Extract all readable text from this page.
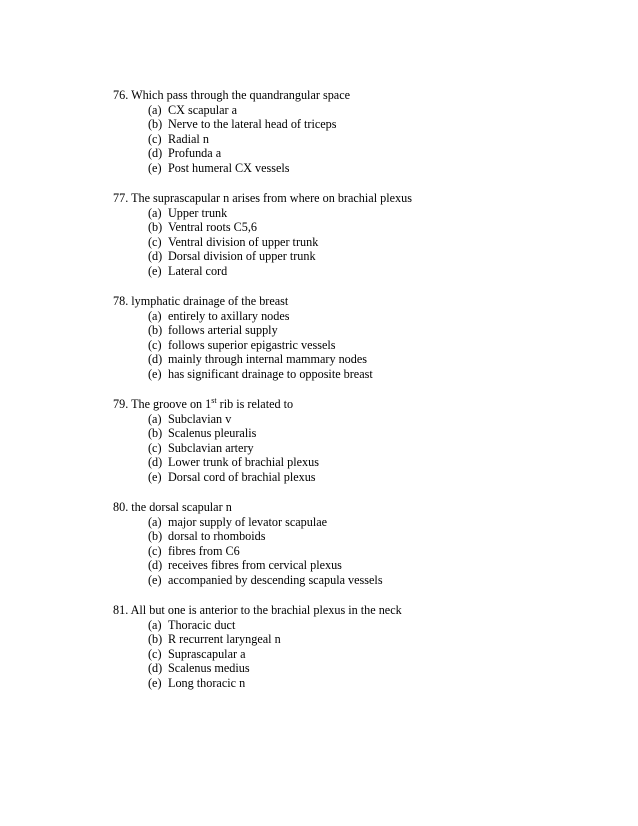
76. Which pass through the quandrangular space
(a) CX scapular a
(b) Nerve to the lateral head of triceps
(c) Radial n
(d) Profunda a
(e) Post humeral CX vessels
77. The suprascapular n arises from where on brachial plexus
(a) Upper trunk
(b) Ventral roots C5,6
(c) Ventral division of upper trunk
(d) Dorsal division of upper trunk
(e) Lateral cord
78. lymphatic drainage of the breast
(a) entirely to axillary nodes
(b) follows arterial supply
(c) follows superior epigastric vessels
(d) mainly through internal mammary nodes
(e) has significant drainage to opposite breast
79. The groove on 1st rib is related to
(a) Subclavian v
(b) Scalenus pleuralis
(c) Subclavian artery
(d) Lower trunk of brachial plexus
(e) Dorsal cord of brachial plexus
80. the dorsal scapular n
(a) major supply of levator scapulae
(b) dorsal to rhomboids
(c) fibres from C6
(d) receives fibres from cervical plexus
(e) accompanied by descending scapula vessels
81. All but one is anterior to the brachial plexus in the neck
(a) Thoracic duct
(b) R recurrent laryngeal n
(c) Suprascapular a
(d) Scalenus medius
(e) Long thoracic n
